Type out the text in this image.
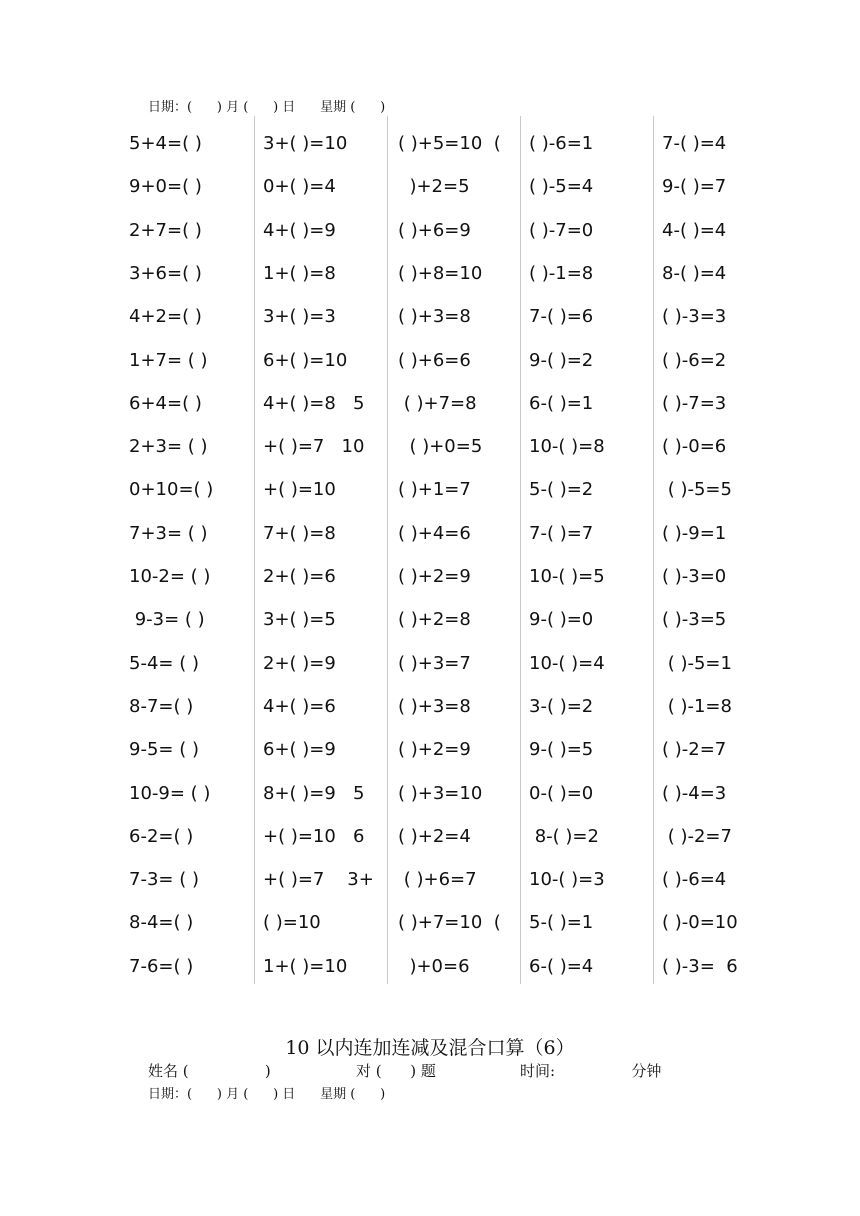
日期：(      ) 月 (      ) 日      星期 (      )
5+4=( )
9+0=( )
2+7=( )
3+6=( )
4+2=( )
1+7= ( )
6+4=( )
2+3= ( )
0+10=( )
7+3= ( )
10-2= ( )
9-3= ( )
5-4= ( )
8-7=( )
9-5= ( )
10-9= ( )
6-2=( )
7-3= ( )
8-4=( )
7-6=( )
3+( )=10
0+( )=4
4+( )=9
1+( )=8
3+( )=3
6+( )=10
4+( )=8   5
+( )=7   10
+( )=10
7+( )=8
2+( )=6
3+( )=5
2+( )=9
4+( )=6
6+( )=9
8+( )=9   5
+( )=10   6
+( )=7    3+
( )=10
1+( )=10
( )+5=10  (
)+2=5
( )+6=9
( )+8=10
( )+3=8
( )+6=6
( )+7=8
( )+0=5
( )+1=7
( )+4=6
( )+2=9
( )+2=8
( )+3=7
( )+3=8
( )+2=9
( )+3=10
( )+2=4
( )+6=7
( )+7=10  (
)+0=6
( )-6=1
( )-5=4
( )-7=0
( )-1=8
7-( )=6
9-( )=2
6-( )=1
10-( )=8
5-( )=2
7-( )=7
10-( )=5
9-( )=0
10-( )=4
3-( )=2
9-( )=5
0-( )=0
8-( )=2
10-( )=3
5-( )=1
6-( )=4
7-( )=4
9-( )=7
4-( )=4
8-( )=4
( )-3=3
( )-6=2
( )-7=3
( )-0=6
( )-5=5
( )-9=1
( )-3=0
( )-3=5
( )-5=1
( )-1=8
( )-2=7
( )-4=3
( )-2=7
( )-6=4
( )-0=10
( )-3=  6
10 以内连加连减及混合口算（6）
姓名 (                )	对 (      ) 题	时间:                分钟
日期：(      ) 月 (      ) 日      星期 (      )
